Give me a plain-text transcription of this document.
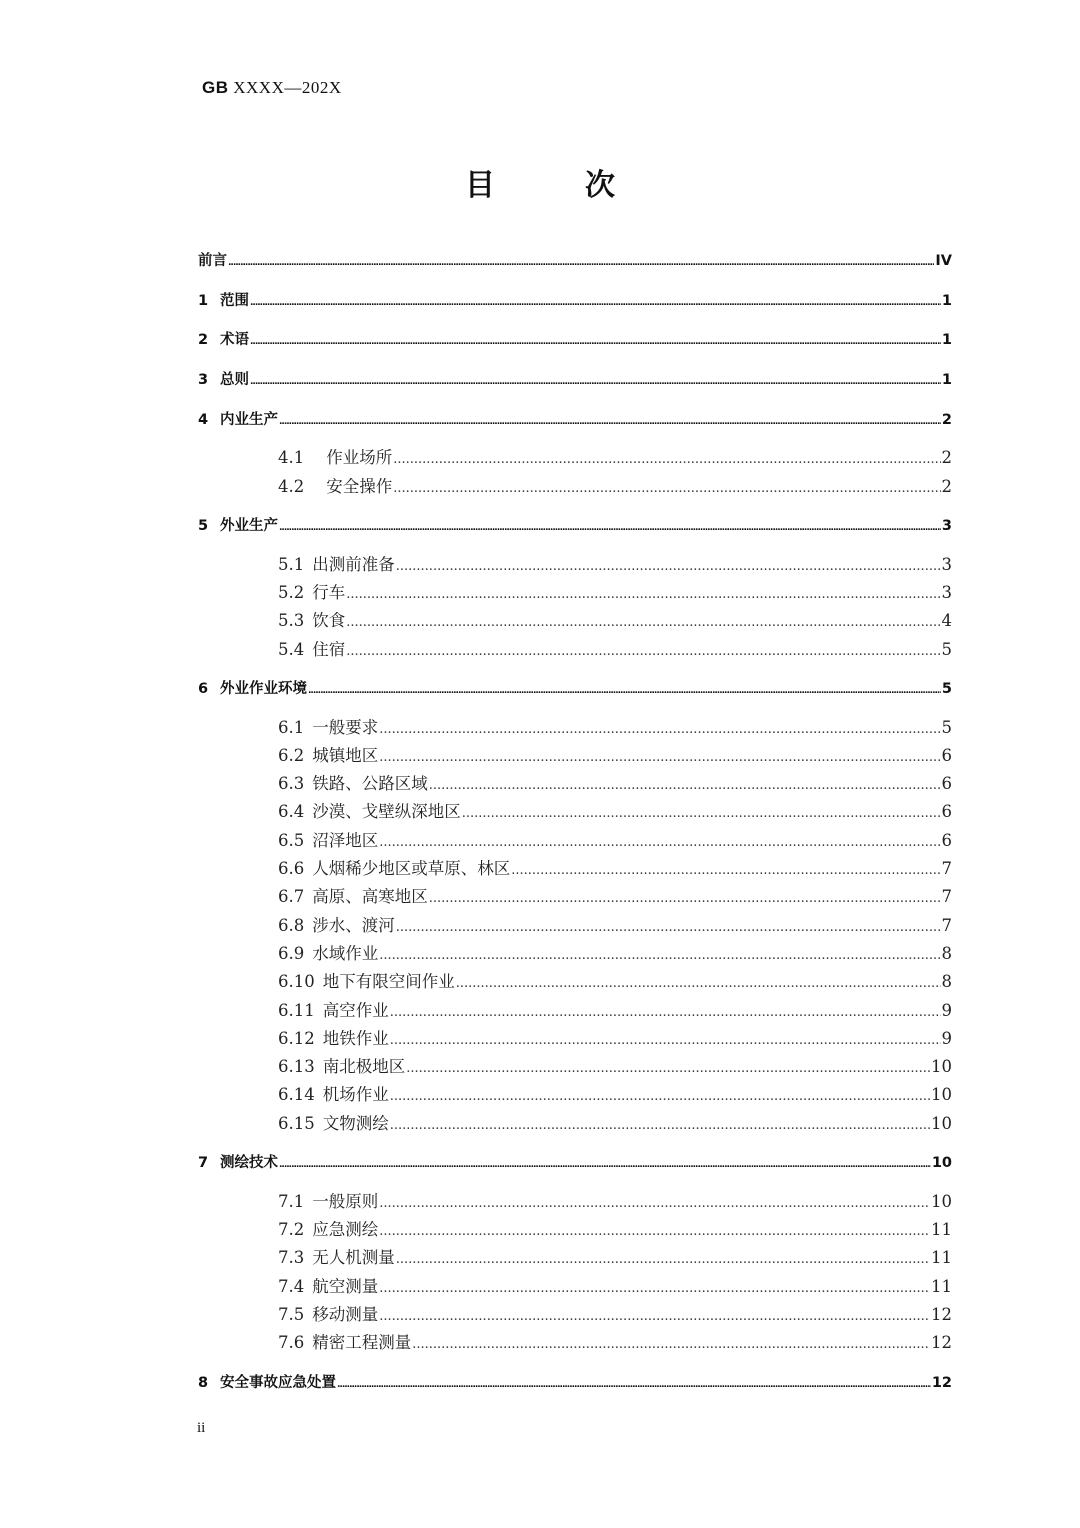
GB XXXX—202X
目　次
前言 .....	IV
1 范围 .....	1
2 术语 .....	1
3 总则 .....	1
4 内业生产 .....	2
4.1 作业场所 .....	2
4.2 安全操作 .....	2
5 外业生产 .....	3
5.1 出测前准备 .....	3
5.2 行车 .....	3
5.3 饮食 .....	4
5.4 住宿 .....	5
6 外业作业环境 .....	5
6.1 一般要求 .....	5
6.2 城镇地区 .....	6
6.3 铁路、公路区域 .....	6
6.4 沙漠、戈壁纵深地区 .....	6
6.5 沼泽地区 .....	6
6.6 人烟稀少地区或草原、林区 .....	7
6.7 高原、高寒地区 .....	7
6.8 涉水、渡河 .....	7
6.9 水域作业 .....	8
6.10 地下有限空间作业 .....	8
6.11 高空作业 .....	9
6.12 地铁作业 .....	9
6.13 南北极地区 .....	10
6.14 机场作业 .....	10
6.15 文物测绘 .....	10
7 测绘技术 .....	10
7.1 一般原则 .....	10
7.2 应急测绘 .....	11
7.3 无人机测量 .....	11
7.4 航空测量 .....	11
7.5 移动测量 .....	12
7.6 精密工程测量 .....	12
8 安全事故应急处置 .....	12
ii
